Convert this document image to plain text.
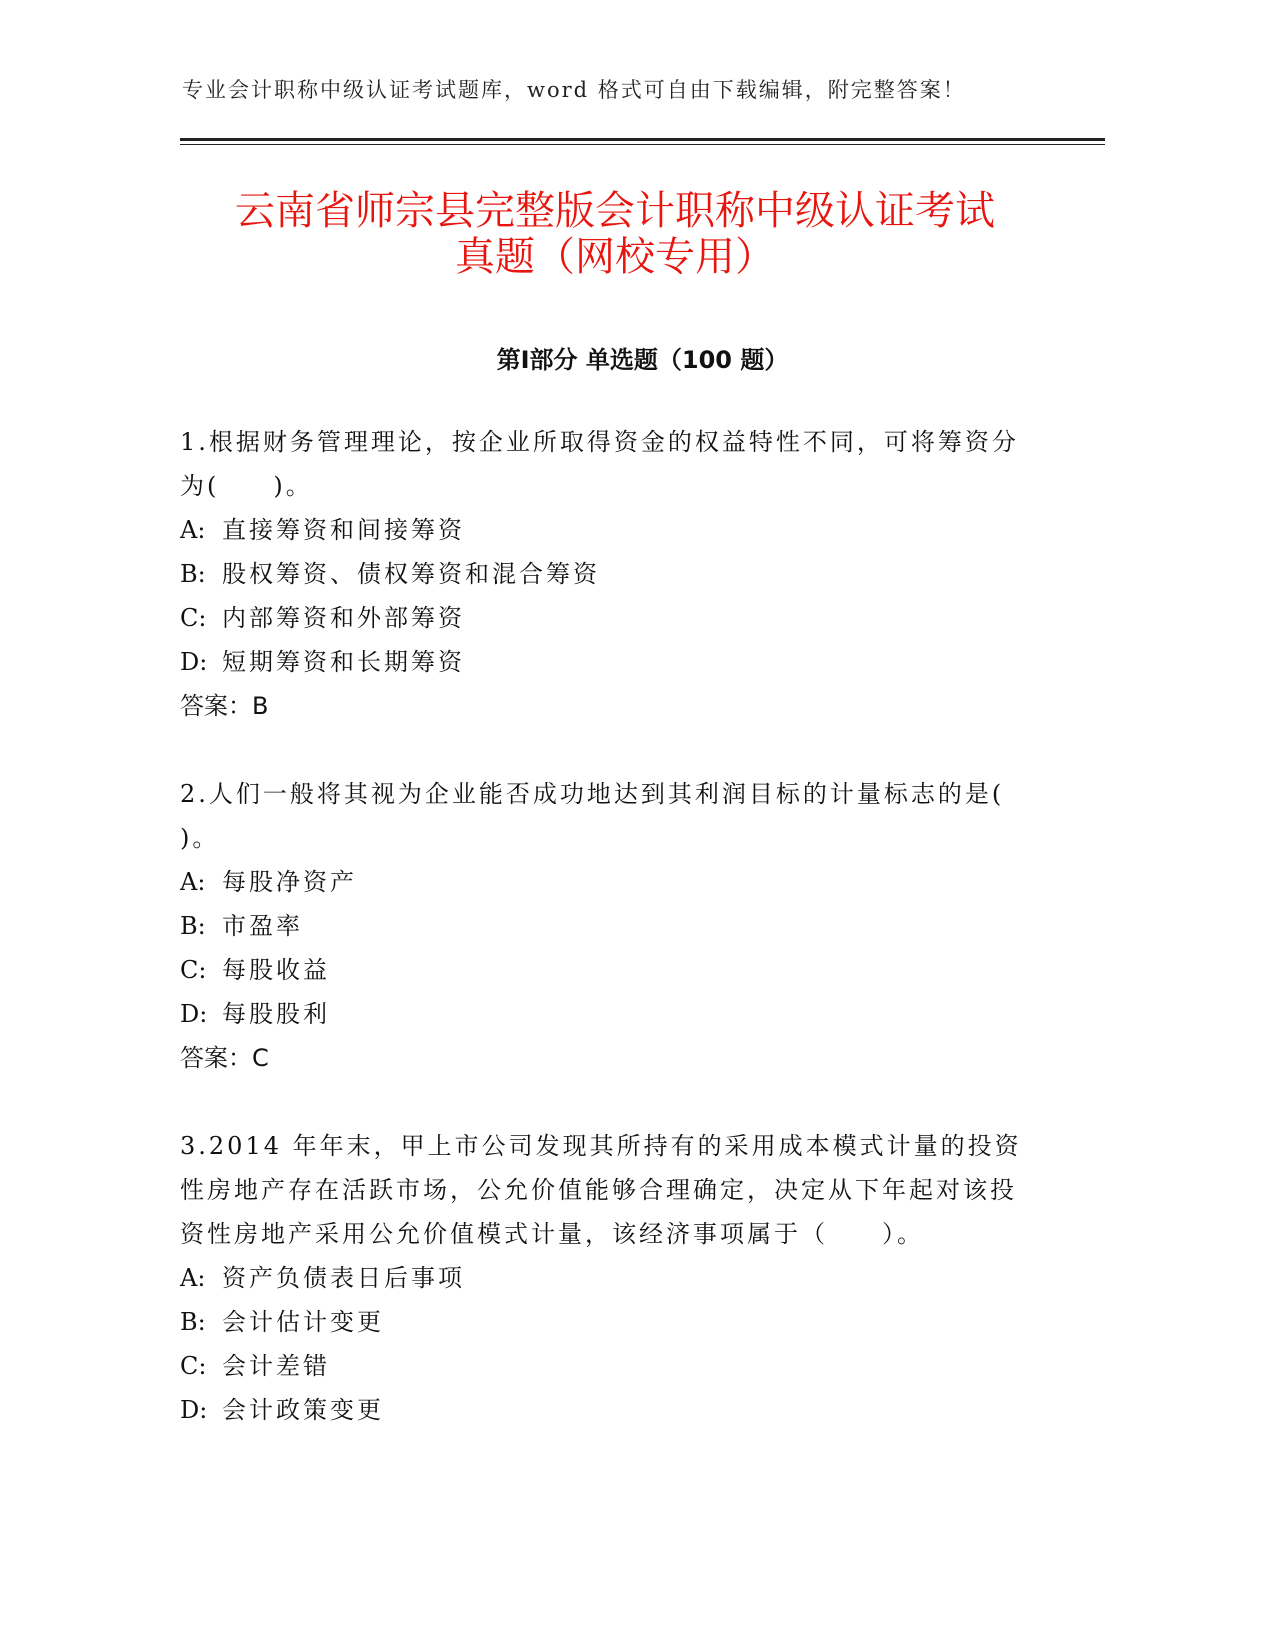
专业会计职称中级认证考试题库，word 格式可自由下载编辑，附完整答案！
云南省师宗县完整版会计职称中级认证考试
真题（网校专用）
第Ⅰ部分 单选题（100 题）

1.根据财务管理理论，按企业所取得资金的权益特性不同，可将筹资分为(　　)。

A: 直接筹资和间接筹资

B: 股权筹资、债权筹资和混合筹资

C: 内部筹资和外部筹资

D: 短期筹资和长期筹资

答案：B

2.人们一般将其视为企业能否成功地达到其利润目标的计量标志的是( )。

A: 每股净资产

B: 市盈率

C: 每股收益

D: 每股股利

答案：C

3.2014 年年末，甲上市公司发现其所持有的采用成本模式计量的投资性房地产存在活跃市场，公允价值能够合理确定，决定从下年起对该投资性房地产采用公允价值模式计量，该经济事项属于（　　）。

A: 资产负债表日后事项

B: 会计估计变更

C: 会计差错

D: 会计政策变更
